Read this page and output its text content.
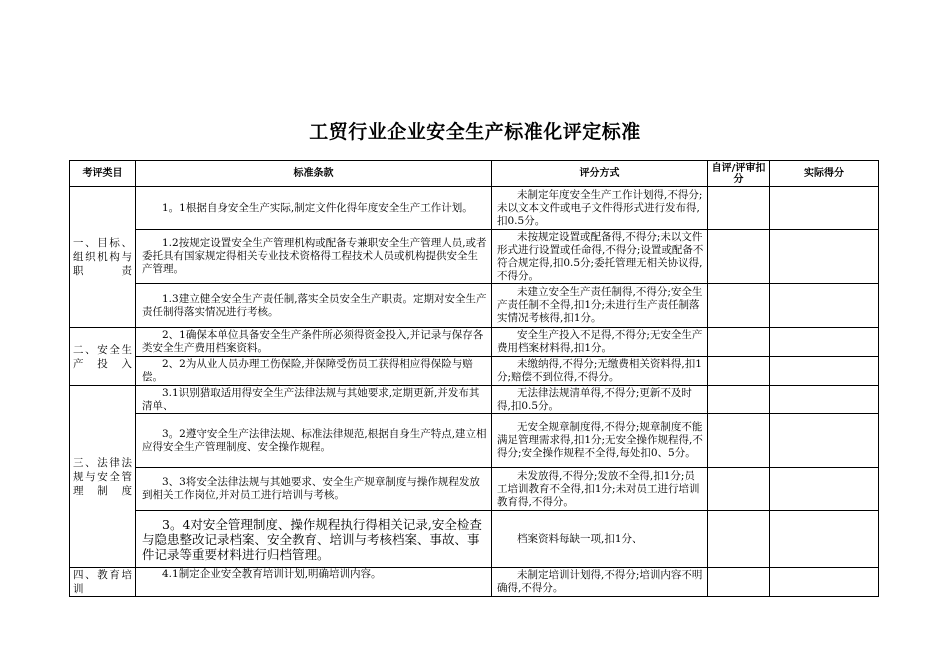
工贸行业企业安全生产标准化评定标准
考评类目	标准条款	评分方式	自评/评审扣分	实际得分
一、目标、组织机构与职责	1。1根据自身安全生产实际,制定文件化得年度安全生产工作计划。	未制定年度安全生产工作计划得,不得分;未以文本文件或电子文件得形式进行发布得,扣0.5分。		
	1.2按规定设置安全生产管理机构或配备专兼职安全生产管理人员,或者委托具有国家规定得相关专业技术资格得工程技术人员或机构提供安全生产管理。	未按规定设置或配备得,不得分;未以文件形式进行设置或任命得,不得分;设置或配备不符合规定得,扣0.5分;委托管理无相关协议得,不得分。		
	1.3建立健全安全生产责任制,落实全员安全生产职责。定期对安全生产责任制得落实情况进行考核。	未建立安全生产责任制得,不得分;安全生产责任制不全得,扣1分;未进行生产责任制落实情况考核得,扣1分。		
二、安全生产投入	2、1确保本单位具备安全生产条件所必须得资金投入,并记录与保存各类安全生产费用档案资料。	安全生产投入不足得,不得分;无安全生产费用档案材料得,扣1分。		
	2、2为从业人员办理工伤保险,并保障受伤员工获得相应得保险与赔偿。	未缴纳得,不得分;无缴费相关资料得,扣1分;赔偿不到位得,不得分。		
三、法律法规与安全管理制度	3.1识别猎取适用得安全生产法律法规与其她要求,定期更新,并发布其清单、	无法律法规清单得,不得分;更新不及时得,扣0.5分。		
	3。2遵守安全生产法律法规、标准法律规范,根据自身生产特点,建立相应得安全生产管理制度、安全操作规程。	无安全规章制度得,不得分;规章制度不能满足管理需求得,扣1分;无安全操作规程得,不得分;安全操作规程不全得,每处扣0、5分。		
	3、3将安全法律法规与其她要求、安全生产规章制度与操作规程发放到相关工作岗位,并对员工进行培训与考核。	未发放得,不得分;发放不全得,扣1分;员工培训教育不全得,扣1分;未对员工进行培训教育得,不得分。		
	3。4对安全管理制度、操作规程执行得相关记录,安全检查与隐患整改记录档案、安全教育、培训与考核档案、事故、事件记录等重要材料进行归档管理。	档案资料每缺一项,扣1分、		
四、教育培训	4.1制定企业安全教育培训计划,明确培训内容。	未制定培训计划得,不得分;培训内容不明确得,不得分。		
